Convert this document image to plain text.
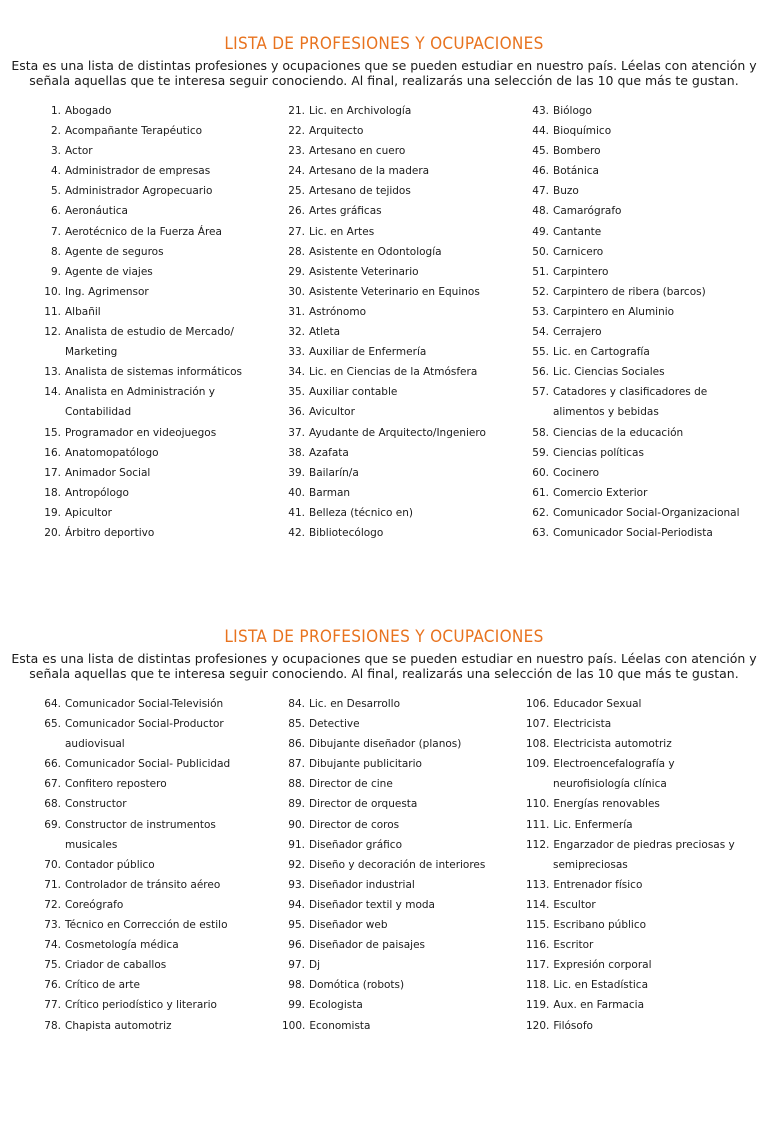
LISTA DE PROFESIONES Y OCUPACIONES
Esta es una lista de distintas profesiones y ocupaciones que se pueden estudiar en nuestro país. Léelas con atención y
señala aquellas que te interesa seguir conociendo. Al final, realizarás una selección de las 10 que más te gustan.
1. Abogado
2. Acompañante Terapéutico
3. Actor
4. Administrador de empresas
5. Administrador Agropecuario
6. Aeronáutica
7. Aerotécnico de la Fuerza Área
8. Agente de seguros
9. Agente de viajes
10. Ing. Agrimensor
11. Albañil
12. Analista de estudio de Mercado/
Marketing
13. Analista de sistemas informáticos
14. Analista en Administración y
Contabilidad
15. Programador en videojuegos
16. Anatomopatólogo
17. Animador Social
18. Antropólogo
19. Apicultor
20. Árbitro deportivo
21. Lic. en Archivología
22. Arquitecto
23. Artesano en cuero
24. Artesano de la madera
25. Artesano de tejidos
26. Artes gráficas
27. Lic. en Artes
28. Asistente en Odontología
29. Asistente Veterinario
30. Asistente Veterinario en Equinos
31. Astrónomo
32. Atleta
33. Auxiliar de Enfermería
34. Lic. en Ciencias de la Atmósfera
35. Auxiliar contable
36. Avicultor
37. Ayudante de Arquitecto/Ingeniero
38. Azafata
39. Bailarín/a
40. Barman
41. Belleza (técnico en)
42. Bibliotecólogo
43. Biólogo
44. Bioquímico
45. Bombero
46. Botánica
47. Buzo
48. Camarógrafo
49. Cantante
50. Carnicero
51. Carpintero
52. Carpintero de ribera (barcos)
53. Carpintero en Aluminio
54. Cerrajero
55. Lic. en Cartografía
56. Lic. Ciencias Sociales
57. Catadores y clasificadores de
alimentos y bebidas
58. Ciencias de la educación
59. Ciencias políticas
60. Cocinero
61. Comercio Exterior
62. Comunicador Social-Organizacional
63. Comunicador Social-Periodista
LISTA DE PROFESIONES Y OCUPACIONES
Esta es una lista de distintas profesiones y ocupaciones que se pueden estudiar en nuestro país. Léelas con atención y
señala aquellas que te interesa seguir conociendo. Al final, realizarás una selección de las 10 que más te gustan.
64. Comunicador Social-Televisión
65. Comunicador Social-Productor
audiovisual
66. Comunicador Social- Publicidad
67. Confitero repostero
68. Constructor
69. Constructor de instrumentos
musicales
70. Contador público
71. Controlador de tránsito aéreo
72. Coreógrafo
73. Técnico en Corrección de estilo
74. Cosmetología médica
75. Criador de caballos
76. Crítico de arte
77. Crítico periodístico y literario
78. Chapista automotriz
84. Lic. en Desarrollo
85. Detective
86. Dibujante diseñador (planos)
87. Dibujante publicitario
88. Director de cine
89. Director de orquesta
90. Director de coros
91. Diseñador gráfico
92. Diseño y decoración de interiores
93. Diseñador industrial
94. Diseñador textil y moda
95. Diseñador web
96. Diseñador de paisajes
97. Dj
98. Domótica (robots)
99. Ecologista
100. Economista
106. Educador Sexual
107. Electricista
108. Electricista automotriz
109. Electroencefalografía y
neurofisiología clínica
110. Energías renovables
111. Lic. Enfermería
112. Engarzador de piedras preciosas y
semipreciosas
113. Entrenador físico
114. Escultor
115. Escribano público
116. Escritor
117. Expresión corporal
118. Lic. en Estadística
119. Aux. en Farmacia
120. Filósofo
